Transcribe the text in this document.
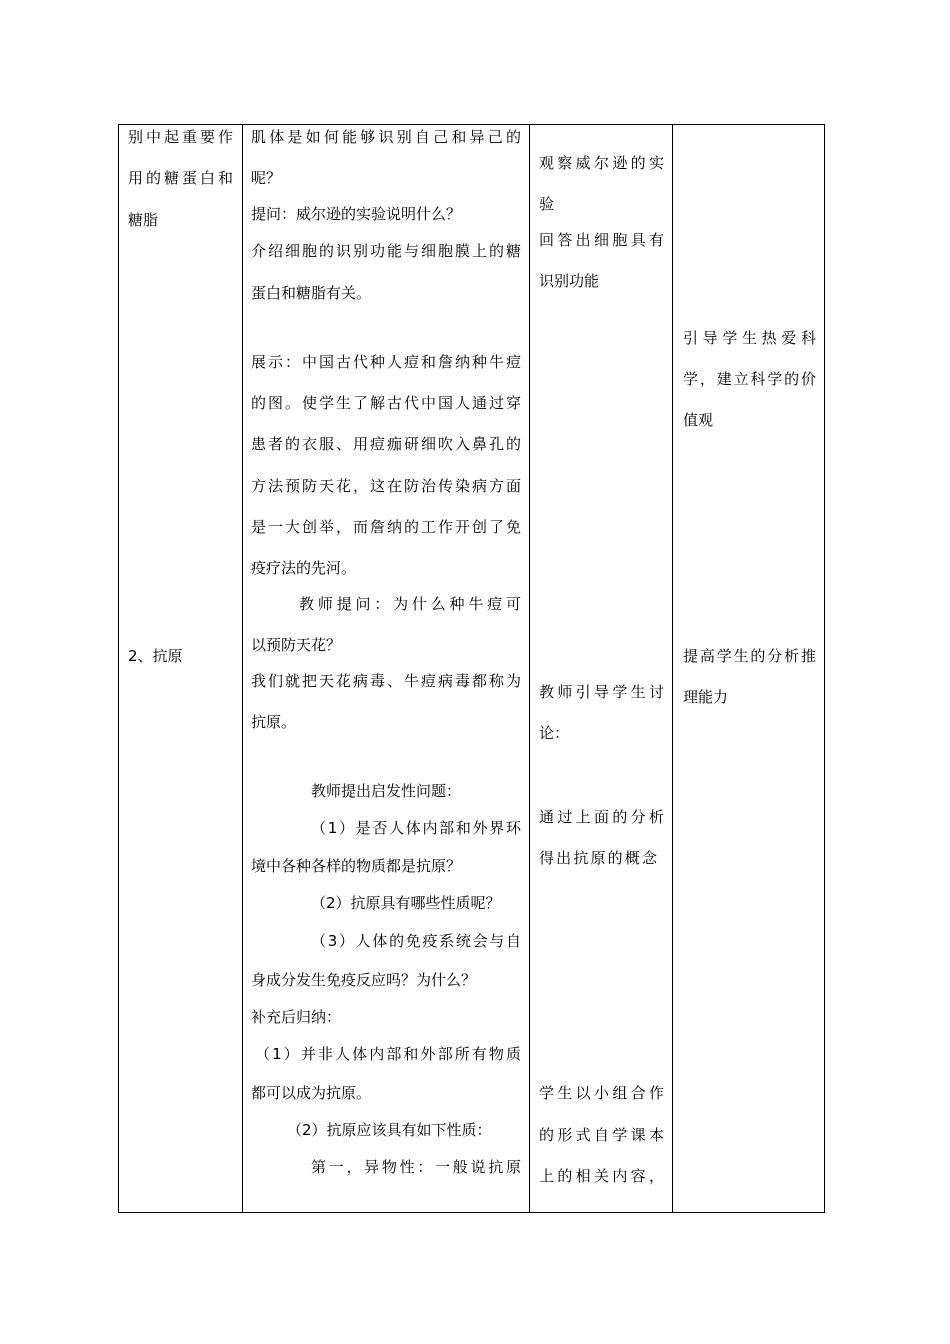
别中起重要作
用的糖蛋白和
糖脂
2、抗原
肌体是如何能够识别自己和异己的
呢？
提问：威尔逊的实验说明什么？
介绍细胞的识别功能与细胞膜上的糖
蛋白和糖脂有关。
展示：中国古代种人痘和詹纳种牛痘
的图。使学生了解古代中国人通过穿
患者的衣服、用痘痂研细吹入鼻孔的
方法预防天花，这在防治传染病方面
是一大创举，而詹纳的工作开创了免
疫疗法的先河。
教师提问：为什么种牛痘可
以预防天花？
我们就把天花病毒、牛痘病毒都称为
抗原。
教师提出启发性问题：
（1）是否人体内部和外界环
境中各种各样的物质都是抗原？
（2）抗原具有哪些性质呢？
（3）人体的免疫系统会与自
身成分发生免疫反应吗？为什么？
补充后归纳：
（1）并非人体内部和外部所有物质
都可以成为抗原。
（2）抗原应该具有如下性质：
第一，异物性：一般说抗原
观察威尔逊的实
验
回答出细胞具有
识别功能
教师引导学生讨
论：
通过上面的分析
得出抗原的概念
学生以小组合作
的形式自学课本
上的相关内容，
引导学生热爱科
学，建立科学的价
值观
提高学生的分析推
理能力
